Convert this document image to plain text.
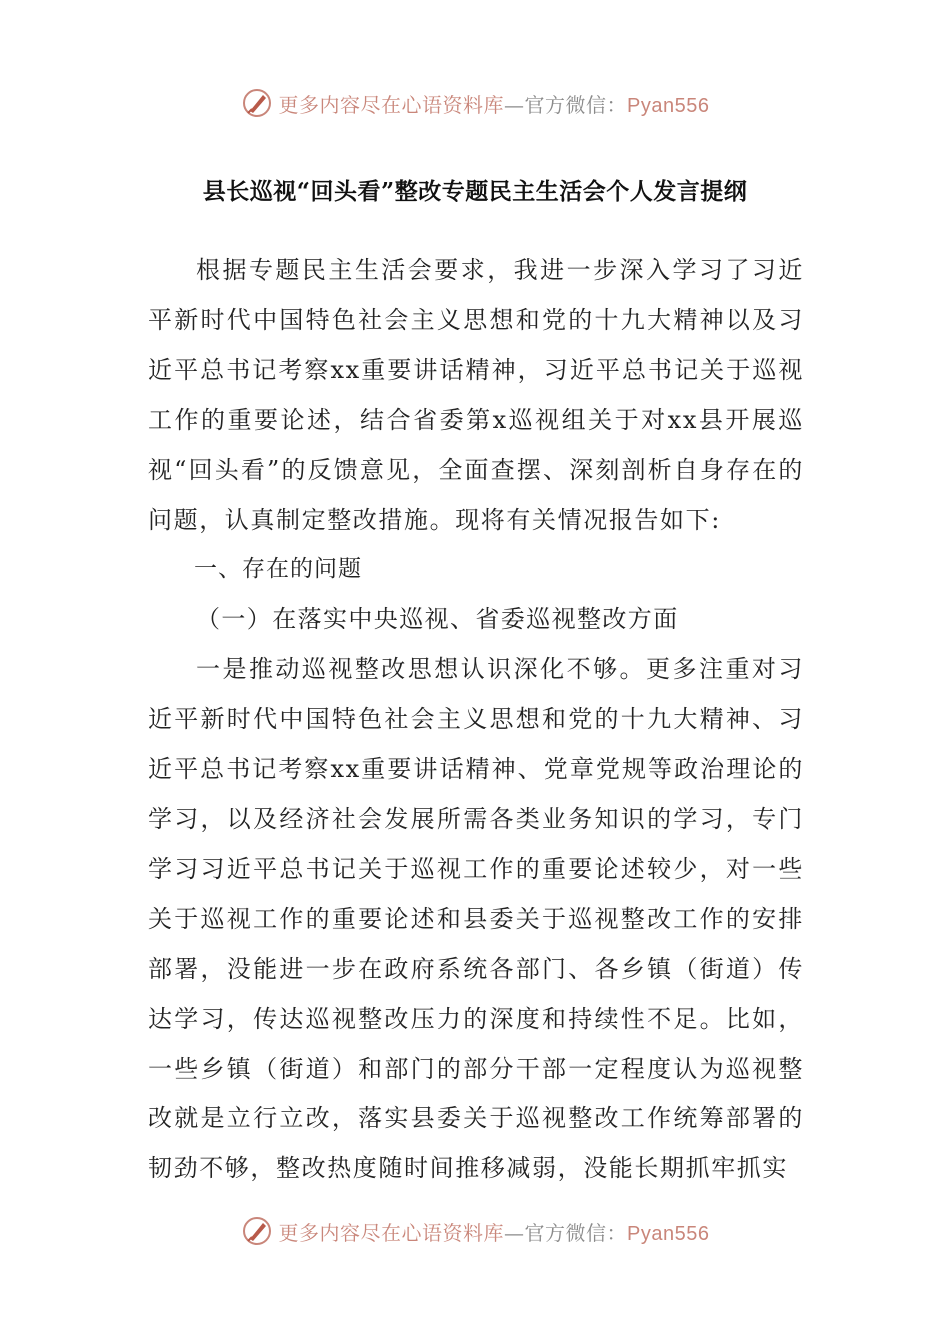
更多内容尽在心语资料库—官方微信：Pyan556
县长巡视“回头看”整改专题民主生活会个人发言提纲

根据专题民主生活会要求，我进一步深入学习了习近平新时代中国特色社会主义思想和党的十九大精神以及习近平总书记考察xx重要讲话精神，习近平总书记关于巡视工作的重要论述，结合省委第x巡视组关于对xx县开展巡视“回头看”的反馈意见，全面查摆、深刻剖析自身存在的问题，认真制定整改措施。现将有关情况报告如下:

一、存在的问题

（一）在落实中央巡视、省委巡视整改方面

一是推动巡视整改思想认识深化不够。更多注重对习近平新时代中国特色社会主义思想和党的十九大精神、习近平总书记考察xx重要讲话精神、党章党规等政治理论的学习，以及经济社会发展所需各类业务知识的学习，专门学习习近平总书记关于巡视工作的重要论述较少，对一些关于巡视工作的重要论述和县委关于巡视整改工作的安排部署，没能进一步在政府系统各部门、各乡镇（街道）传达学习，传达巡视整改压力的深度和持续性不足。比如，一些乡镇（街道）和部门的部分干部一定程度认为巡视整改就是立行立改，落实县委关于巡视整改工作统筹部署的韧劲不够，整改热度随时间推移减弱，没能长期抓牢抓实

更多内容尽在心语资料库—官方微信：Pyan556
